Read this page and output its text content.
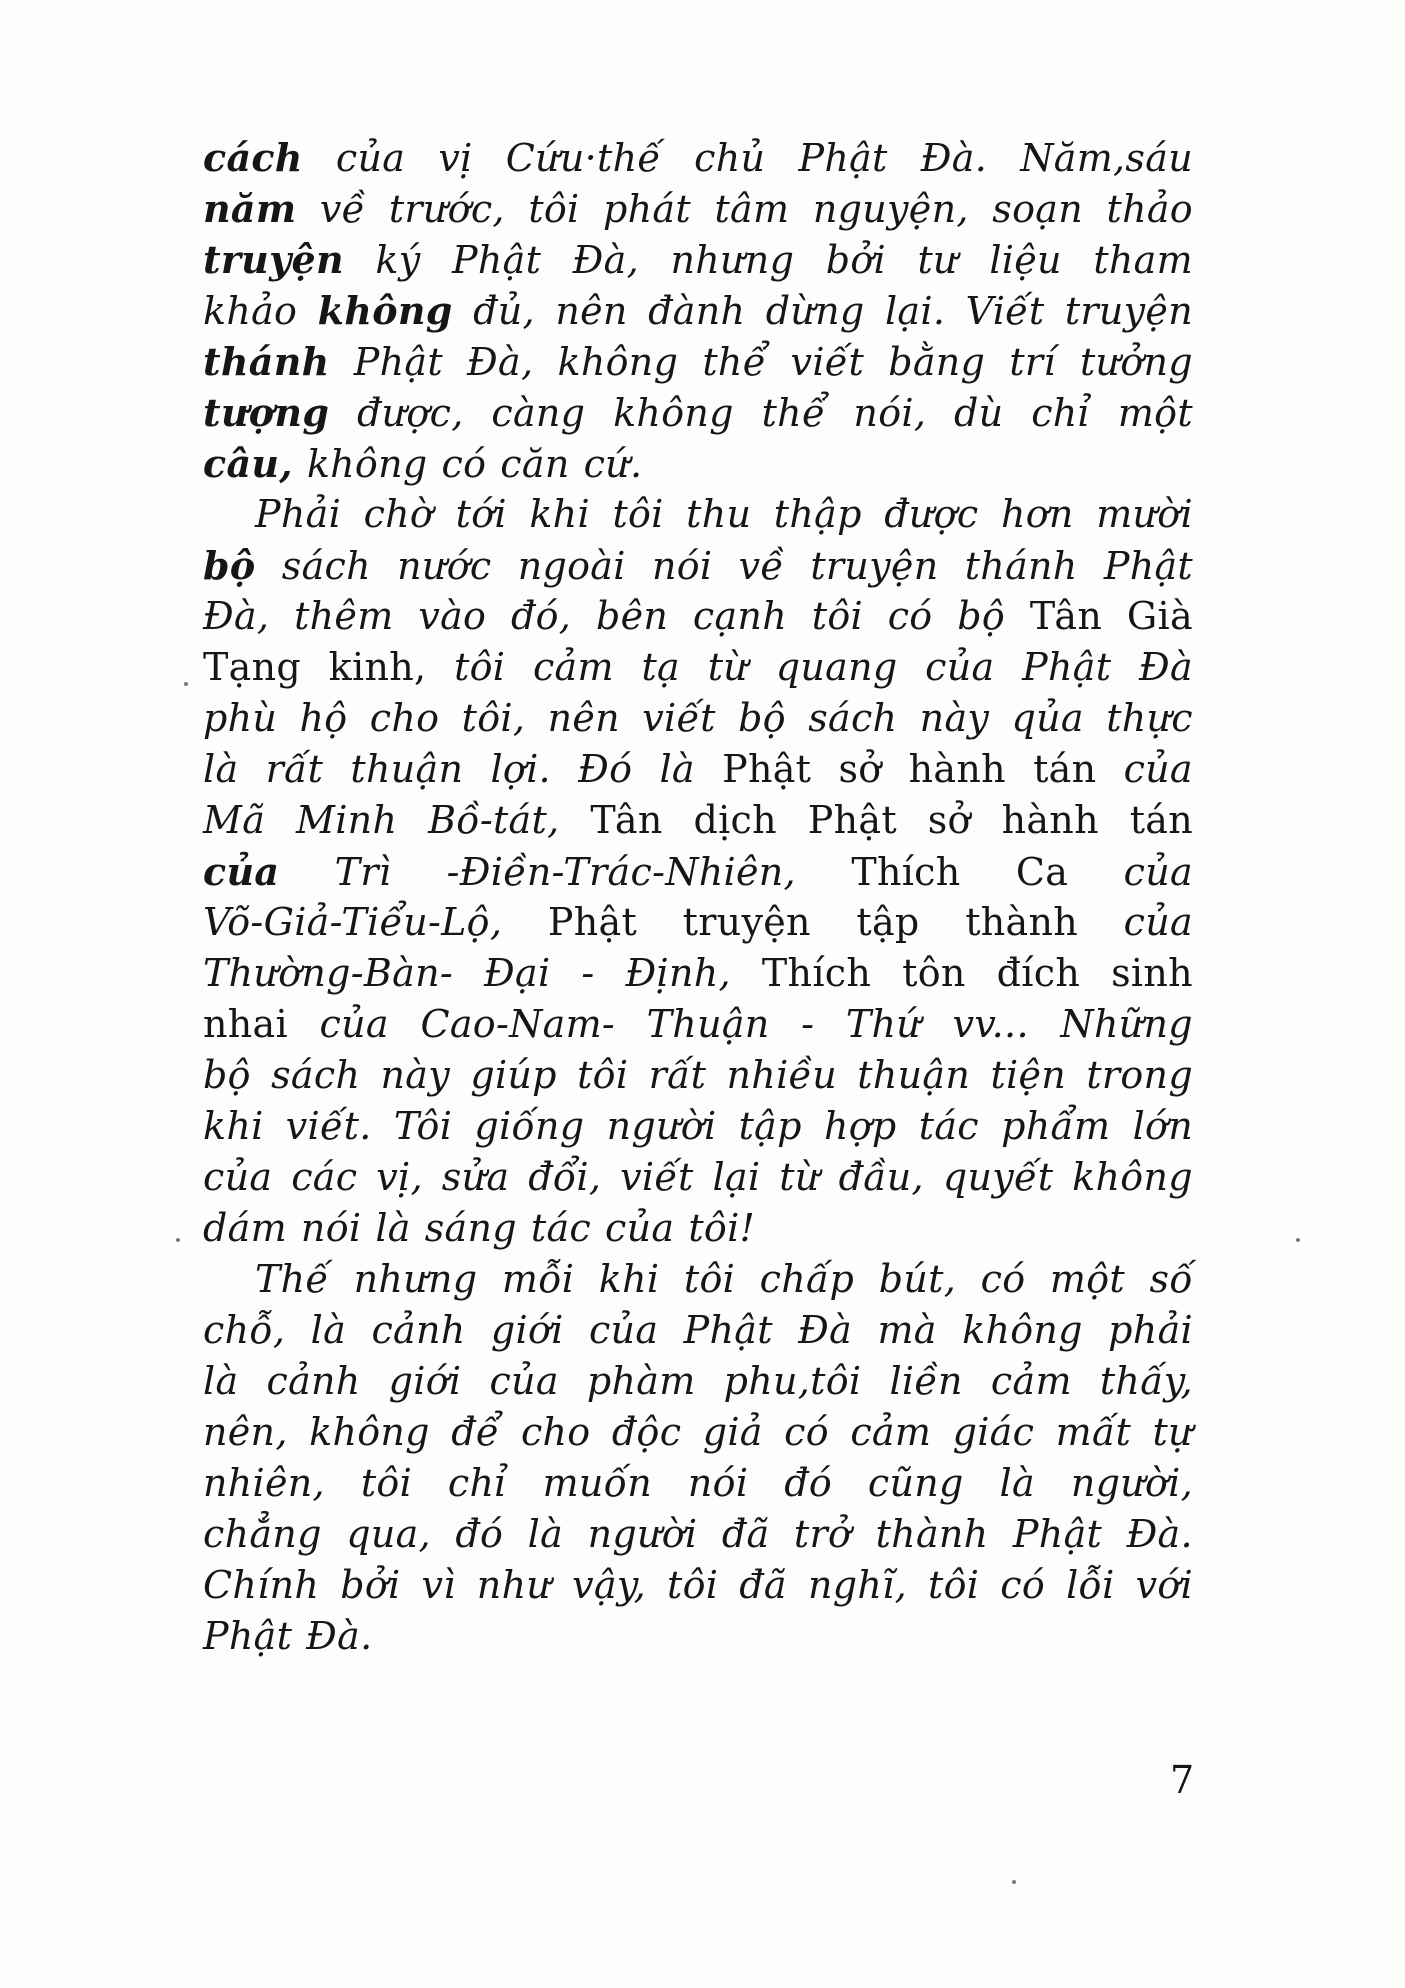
cách của vị Cứu·thế chủ Phật Đà. Năm,sáu
năm về trước, tôi phát tâm nguyện, soạn thảo
truyện ký Phật Đà, nhưng bởi tư liệu tham
khảo không đủ, nên đành dừng lại. Viết truyện
thánh Phật Đà, không thể viết bằng trí tưởng
tượng được, càng không thể nói, dù chỉ một
câu, không có căn cứ.
Phải chờ tới khi tôi thu thập được hơn mười
bộ sách nước ngoài nói về truyện thánh Phật
Đà, thêm vào đó, bên cạnh tôi có bộ Tân Già
Tạng kinh, tôi cảm tạ từ quang của Phật Đà
phù hộ cho tôi, nên viết bộ sách này qủa thực
là rất thuận lợi. Đó là Phật sở hành tán của
Mã Minh Bồ-tát, Tân dịch Phật sở hành tán
của Trì -Điền-Trác-Nhiên, Thích Ca của
Võ-Giả-Tiểu-Lộ, Phật truyện tập thành của
Thường-Bàn- Đại - Định, Thích tôn đích sinh
nhai của Cao-Nam- Thuận - Thứ vv... Những
bộ sách này giúp tôi rất nhiều thuận tiện trong
khi viết. Tôi giống người tập hợp tác phẩm lớn
của các vị, sửa đổi, viết lại từ đầu, quyết không
dám nói là sáng tác của tôi!
Thế nhưng mỗi khi tôi chấp bút, có một số
chỗ, là cảnh giới của Phật Đà mà không phải
là cảnh giới của phàm phu,tôi liền cảm thấy,
nên, không để cho độc giả có cảm giác mất tự
nhiên, tôi chỉ muốn nói đó cũng là người,
chẳng qua, đó là người đã trở thành Phật Đà.
Chính bởi vì như vậy, tôi đã nghĩ, tôi có lỗi với
Phật Đà.
7
